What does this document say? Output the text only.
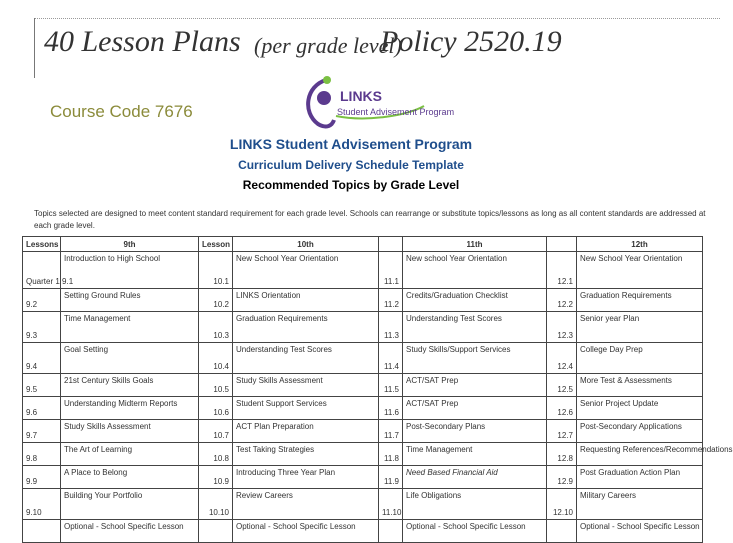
40 Lesson Plans (per grade level)
Policy 2520.19
Course Code 7676
LINKS
Student Advisement Program
LINKS Student Advisement Program
Curriculum Delivery Schedule Template
Recommended Topics by Grade Level
Topics selected are designed to meet content standard requirement for each grade level. Schools can rearrange or substitute topics/lessons as long as all content standards are addressed at each grade level.
Lessons	9th	Lesson	10th		11th		12th
Quarter 1 9.1	Introduction to High School	10.1	New School Year Orientation	11.1	New school Year Orientation	12.1	New School Year Orientation
9.2	Setting Ground Rules	10.2	LINKS Orientation	11.2	Credits/Graduation Checklist	12.2	Graduation Requirements
9.3	Time Management	10.3	Graduation Requirements	11.3	Understanding Test Scores	12.3	Senior year Plan
9.4	Goal Setting	10.4	Understanding Test Scores	11.4	Study Skills/Support Services	12.4	College Day Prep
9.5	21st Century Skills Goals	10.5	Study Skills Assessment	11.5	ACT/SAT Prep	12.5	More Test & Assessments
9.6	Understanding Midterm Reports	10.6	Student Support Services	11.6	ACT/SAT Prep	12.6	Senior Project Update
9.7	Study Skills Assessment	10.7	ACT Plan Preparation	11.7	Post-Secondary Plans	12.7	Post-Secondary Applications
9.8	The Art of Learning	10.8	Test Taking Strategies	11.8	Time Management	12.8	Requesting References/Recommendations
9.9	A Place to Belong	10.9	Introducing Three Year Plan	11.9	Need Based Financial Aid	12.9	Post Graduation Action Plan
9.10	Building Your Portfolio	10.10	Review Careers	11.10	Life Obligations	12.10	Military Careers
	Optional - School Specific Lesson		Optional - School Specific Lesson		Optional - School Specific Lesson		Optional - School Specific Lesson
